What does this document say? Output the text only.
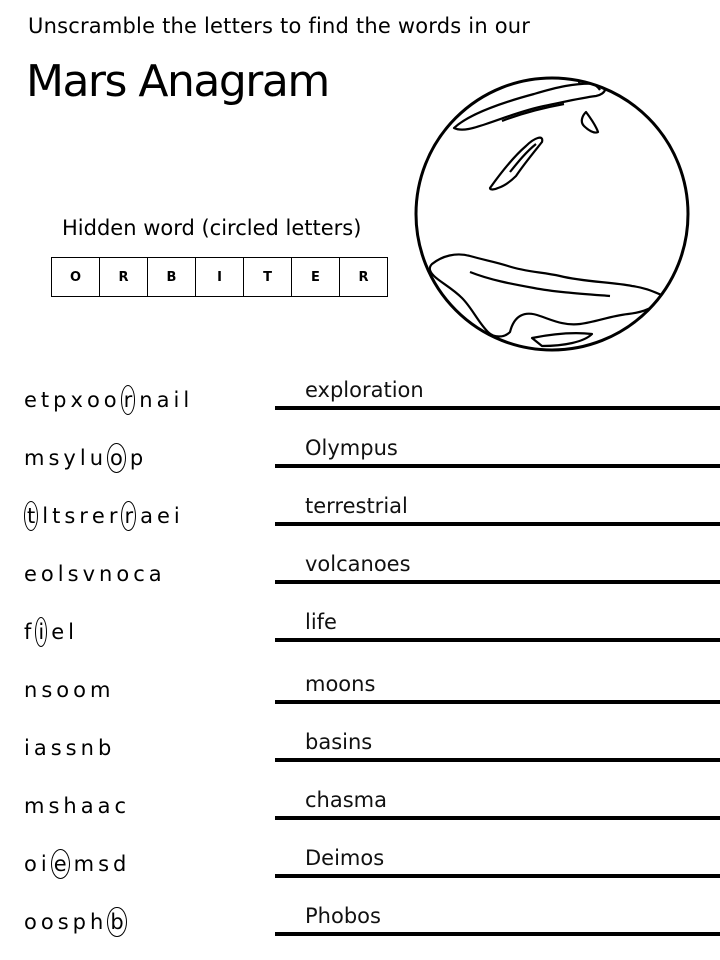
Unscramble the letters to find the words in our
Mars Anagram
Hidden word (circled letters)
O	R	B	I	T	E	R
etpxoo r nail	exploration
msylu o p	Olympus
t ltsrer r aei	terrestrial
eolsvnoca	volcanoes
f i el	life
nsoom	moons
iassnb	basins
mshaac	chasma
oi e msd	Deimos
oosph b	Phobos
